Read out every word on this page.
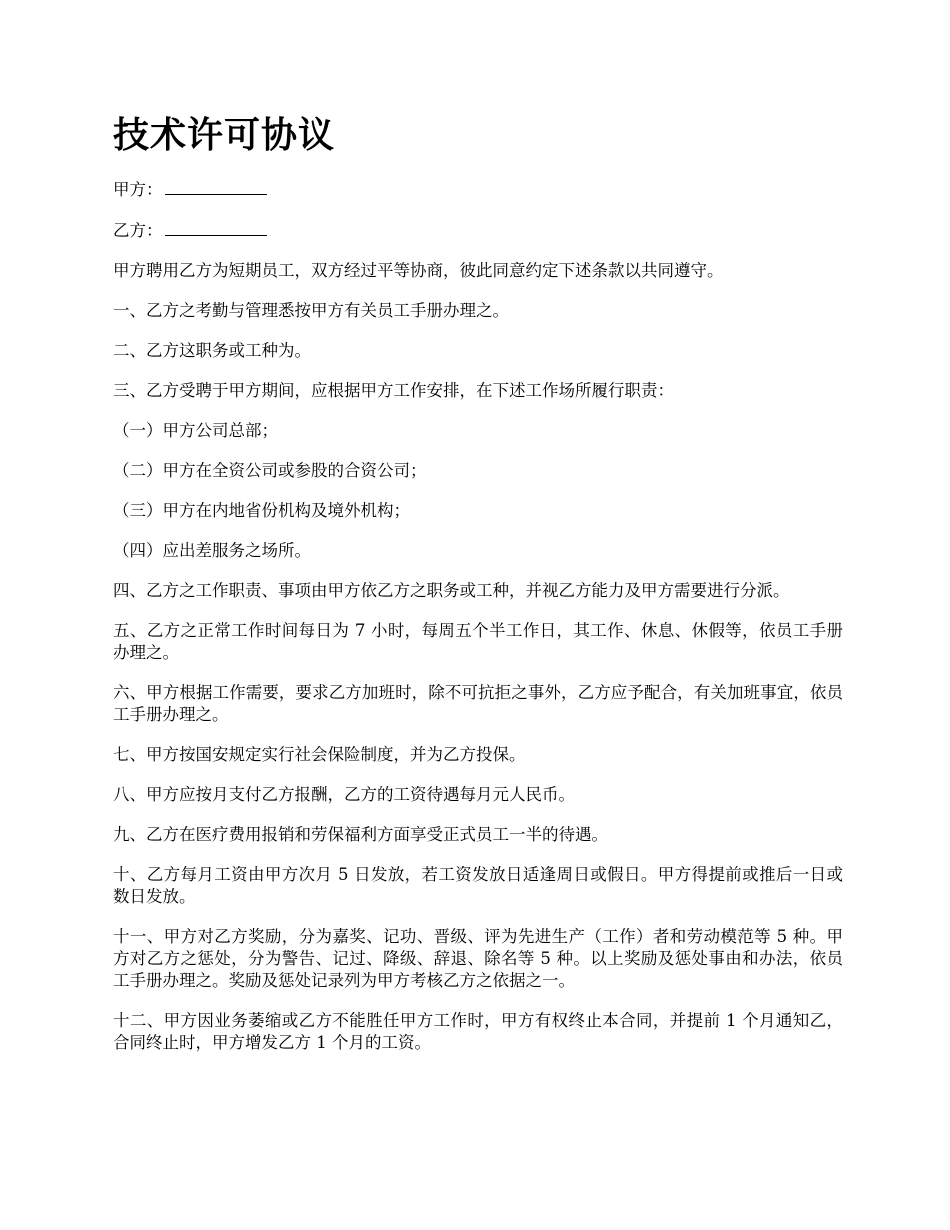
技术许可协议
甲方：
乙方：

甲方聘用乙方为短期员工，双方经过平等协商，彼此同意约定下述条款以共同遵守。

一、乙方之考勤与管理悉按甲方有关员工手册办理之。

二、乙方这职务或工种为。

三、乙方受聘于甲方期间，应根据甲方工作安排，在下述工作场所履行职责：

（一）甲方公司总部；

（二）甲方在全资公司或参股的合资公司；

（三）甲方在内地省份机构及境外机构；

（四）应出差服务之场所。

四、乙方之工作职责、事项由甲方依乙方之职务或工种，并视乙方能力及甲方需要进行分派。

五、乙方之正常工作时间每日为 7 小时，每周五个半工作日，其工作、休息、休假等，依员工手册办理之。

六、甲方根据工作需要，要求乙方加班时，除不可抗拒之事外，乙方应予配合，有关加班事宜，依员工手册办理之。

七、甲方按国安规定实行社会保险制度，并为乙方投保。

八、甲方应按月支付乙方报酬，乙方的工资待遇每月元人民币。

九、乙方在医疗费用报销和劳保福利方面享受正式员工一半的待遇。

十、乙方每月工资由甲方次月 5 日发放，若工资发放日适逢周日或假日。甲方得提前或推后一日或数日发放。

十一、甲方对乙方奖励，分为嘉奖、记功、晋级、评为先进生产（工作）者和劳动模范等 5 种。甲方对乙方之惩处，分为警告、记过、降级、辞退、除名等 5 种。以上奖励及惩处事由和办法，依员工手册办理之。奖励及惩处记录列为甲方考核乙方之依据之一。

十二、甲方因业务萎缩或乙方不能胜任甲方工作时，甲方有权终止本合同，并提前 1 个月通知乙，合同终止时，甲方增发乙方 1 个月的工资。
